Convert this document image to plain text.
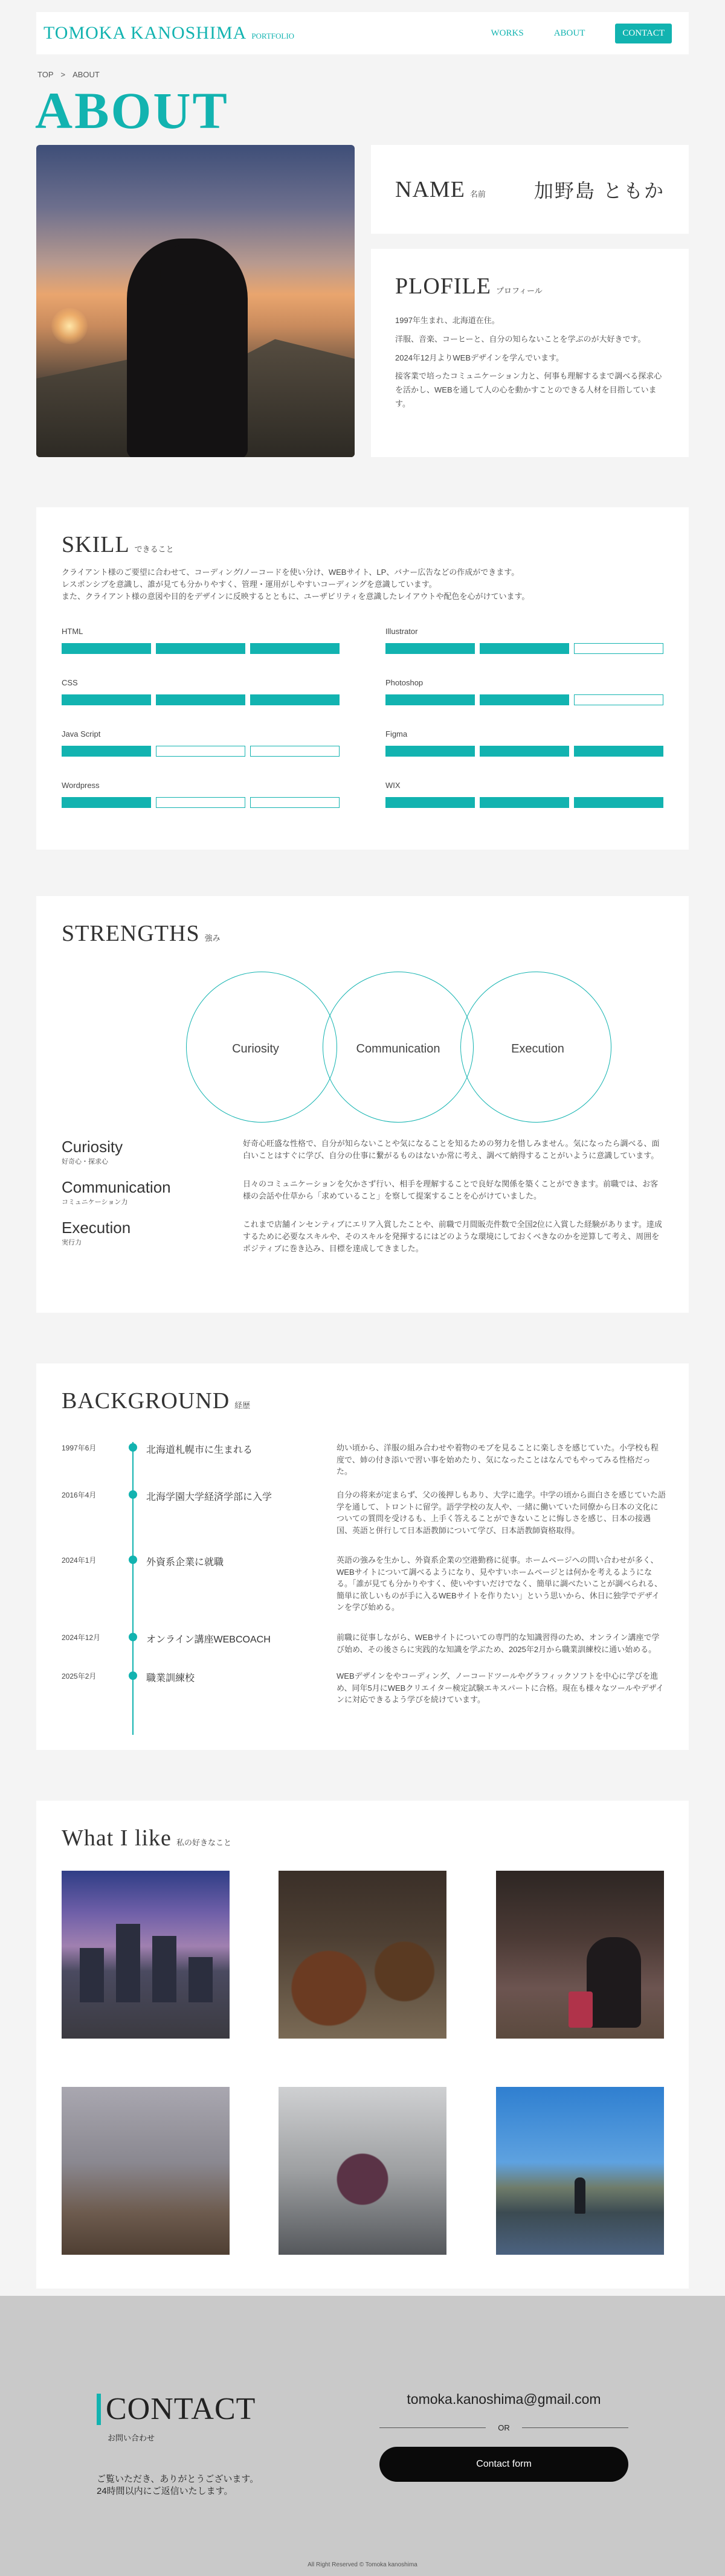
TOMOKA KANOSHIMA PORTFOLIO	WORKS	ABOUT	CONTACT
TOP > ABOUT
ABOUT
NAME 名前 加野島 ともか
PLOFILE プロフィール

1997年生まれ、北海道在住。

洋服、音楽、コーヒーと、自分の知らないことを学ぶのが大好きです。

2024年12月よりWEBデザインを学んでいます。

接客業で培ったコミュニケーション力と、何事も理解するまで調べる探求心を活かし、WEBを通して人の心を動かすことのできる人材を目指しています。

SKILL できること
クライアント様のご要望に合わせて、コーディング/ノーコードを使い分け、WEBサイト、LP、バナー広告などの作成ができます。
レスポンシブを意識し、誰が見ても分かりやすく、管理・運用がしやすいコーディングを意識しています。
また、クライアント様の意図や目的をデザインに反映するとともに、ユーザビリティを意識したレイアウトや配色を心がけています。
HTML	Illustrator
CSS	Photoshop
Java Script	Figma
Wordpress	WIX
STRENGTHS 強み
Curiosity	Communication	Execution
Curiosity
好奇心・探求心
好奇心旺盛な性格で、自分が知らないことや気になることを知るための努力を惜しみません。気になったら調べる、面白いことはすぐに学び、自分の仕事に繋がるものはないか常に考え、調べて納得することがいように意識しています。
Communication
コミュニケーション力
日々のコミュニケーションを欠かさず行い、相手を理解することで良好な関係を築くことができます。前職では、お客様の会話や仕草から「求めていること」を察して提案することを心がけていました。
Execution
実行力
これまで店舗インセンティブにエリア入賞したことや、前職で月間販売件数で全国2位に入賞した経験があります。達成するために必要なスキルや、そのスキルを発揮するにはどのような環境にしておくべきなのかを逆算して考え、周囲をポジティブに巻き込み、目標を達成してきました。
BACKGROUND 経歴
1997年6月	北海道札幌市に生まれる	幼い頃から、洋服の組み合わせや着物のモブを見ることに楽しさを感じていた。小学校も程度で、姉の付き添いで習い事を始めたり、気になったことはなんでもやってみる性格だった。
2016年4月	北海学園大学経済学部に入学	自分の将来が定まらず、父の後押しもあり、大学に進学。中学の頃から面白さを感じていた語学を通して、トロントに留学。語学学校の友人や、一緒に働いていた同僚から日本の文化についての質問を受けるも、上手く答えることができないことに悔しさを感じ、日本の接遇国、英語と併行して日本語教師について学び、日本語教師資格取得。
2024年1月	外資系企業に就職	英語の強みを生かし、外資系企業の空港勤務に従事。ホームページへの問い合わせが多く、WEBサイトについて調べるようになり、見やすいホームページとは何かを考えるようになる。「誰が見ても分かりやすく、使いやすいだけでなく、簡単に調べたいことが調べられる、簡単に欲しいものが手に入るWEBサイトを作りたい」という思いから、休日に独学でデザインを学び始める。
2024年12月	オンライン講座WEBCOACH	前職に従事しながら、WEBサイトについての専門的な知識習得のため、オンライン講座で学び始め、その後さらに実践的な知識を学ぶため、2025年2月から職業訓練校に通い始める。
2025年2月	職業訓練校	WEBデザインをやコーディング、ノーコードツールやグラフィックソフトを中心に学びを進め、同年5月にWEBクリエイター検定試験エキスパートに合格。現在も様々なツールやデザインに対応できるよう学びを続けています。
What I like 私の好きなこと
CONTACT
お問い合わせ
ご覧いただき、ありがとうございます。
24時間以内にご返信いたします。
tomoka.kanoshima@gmail.com
OR
Contact form
All Right Reserved © Tomoka kanoshima
